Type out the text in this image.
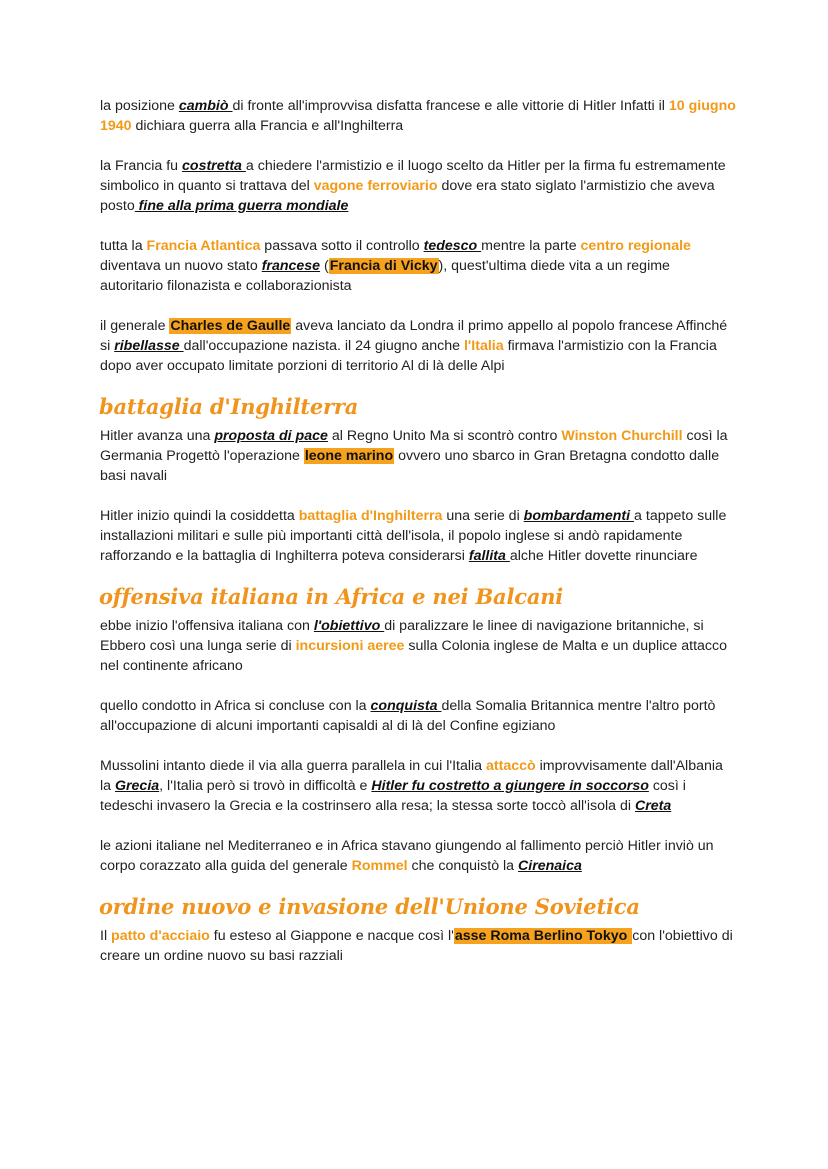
la posizione cambiò di fronte all'improvvisa disfatta francese e alle vittorie di Hitler Infatti il 10 giugno 1940 dichiara guerra alla Francia e all'Inghilterra

la Francia fu costretta a chiedere l'armistizio e il luogo scelto da Hitler per la firma fu estremamente simbolico in quanto si trattava del vagone ferroviario dove era stato siglato l'armistizio che aveva posto fine alla prima guerra mondiale

tutta la Francia Atlantica passava sotto il controllo tedesco mentre la parte centro regionale diventava un nuovo stato francese (Francia di Vicky), quest'ultima diede vita a un regime autoritario filonazista e collaborazionista

il generale Charles de Gaulle aveva lanciato da Londra il primo appello al popolo francese Affinché si ribellasse dall'occupazione nazista. il 24 giugno anche l'Italia firmava l'armistizio con la Francia dopo aver occupato limitate porzioni di territorio Al di là delle Alpi

battaglia d'Inghilterra

Hitler avanza una proposta di pace al Regno Unito Ma si scontrò contro Winston Churchill così la Germania Progettò l'operazione leone marino ovvero uno sbarco in Gran Bretagna condotto dalle basi navali

Hitler inizio quindi la cosiddetta battaglia d'Inghilterra una serie di bombardamenti a tappeto sulle installazioni militari e sulle più importanti città dell'isola, il popolo inglese si andò rapidamente rafforzando e la battaglia di Inghilterra poteva considerarsi fallita alche Hitler dovette rinunciare

offensiva italiana in Africa e nei Balcani

ebbe inizio l'offensiva italiana con l'obiettivo di paralizzare le linee di navigazione britanniche, si Ebbero così una lunga serie di incursioni aeree sulla Colonia inglese de Malta e un duplice attacco nel continente africano

quello condotto in Africa si concluse con la conquista della Somalia Britannica mentre l'altro portò all'occupazione di alcuni importanti capisaldi al di là del Confine egiziano

Mussolini intanto diede il via alla guerra parallela in cui l'Italia attaccò improvvisamente dall'Albania la Grecia, l'Italia però si trovò in difficoltà e Hitler fu costretto a giungere in soccorso così i tedeschi invasero la Grecia e la costrinsero alla resa; la stessa sorte toccò all'isola di Creta

le azioni italiane nel Mediterraneo e in Africa stavano giungendo al fallimento perciò Hitler inviò un corpo corazzato alla guida del generale Rommel che conquistò la Cirenaica

ordine nuovo e invasione dell'Unione Sovietica

Il patto d'acciaio fu esteso al Giappone e nacque così l'asse Roma Berlino Tokyo con l'obiettivo di creare un ordine nuovo su basi razziali
